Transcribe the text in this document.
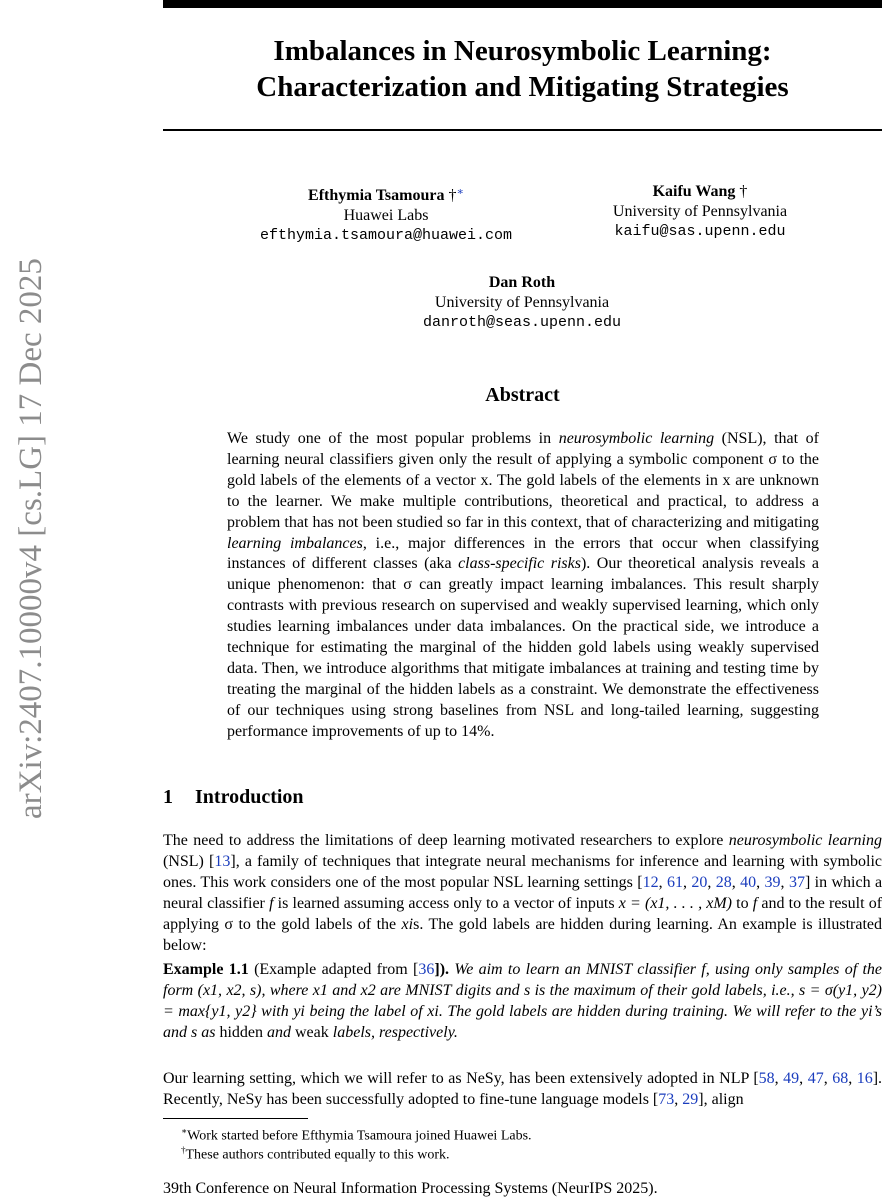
arXiv:2407.10000v4 [cs.LG] 17 Dec 2025
Imbalances in Neurosymbolic Learning:
Characterization and Mitigating Strategies
Efthymia Tsamoura †∗
Huawei Labs
efthymia.tsamoura@huawei.com
Kaifu Wang †
University of Pennsylvania
kaifu@sas.upenn.edu
Dan Roth
University of Pennsylvania
danroth@seas.upenn.edu
Abstract
We study one of the most popular problems in neurosymbolic learning (NSL), that of learning neural classifiers given only the result of applying a symbolic component σ to the gold labels of the elements of a vector x. The gold labels of the elements in x are unknown to the learner. We make multiple contributions, theoretical and practical, to address a problem that has not been studied so far in this context, that of characterizing and mitigating learning imbalances, i.e., major differences in the errors that occur when classifying instances of different classes (aka class-specific risks). Our theoretical analysis reveals a unique phenomenon: that σ can greatly impact learning imbalances. This result sharply contrasts with previous research on supervised and weakly supervised learning, which only studies learning imbalances under data imbalances. On the practical side, we introduce a technique for estimating the marginal of the hidden gold labels using weakly supervised data. Then, we introduce algorithms that mitigate imbalances at training and testing time by treating the marginal of the hidden labels as a constraint. We demonstrate the effectiveness of our techniques using strong baselines from NSL and long-tailed learning, suggesting performance improvements of up to 14%.
1 Introduction
The need to address the limitations of deep learning motivated researchers to explore neurosymbolic learning (NSL) [13], a family of techniques that integrate neural mechanisms for inference and learning with symbolic ones. This work considers one of the most popular NSL learning settings [12, 61, 20, 28, 40, 39, 37] in which a neural classifier f is learned assuming access only to a vector of inputs x = (x1, . . . , xM) to f and to the result of applying σ to the gold labels of the xis. The gold labels are hidden during learning. An example is illustrated below:
Example 1.1 (Example adapted from [36]). We aim to learn an MNIST classifier f, using only samples of the form (x1, x2, s), where x1 and x2 are MNIST digits and s is the maximum of their gold labels, i.e., s = σ(y1, y2) = max{y1, y2} with yi being the label of xi. The gold labels are hidden during training. We will refer to the yi’s and s as hidden and weak labels, respectively.
Our learning setting, which we will refer to as NeSy, has been extensively adopted in NLP [58, 49, 47, 68, 16]. Recently, NeSy has been successfully adopted to fine-tune language models [73, 29], align
∗Work started before Efthymia Tsamoura joined Huawei Labs.
†These authors contributed equally to this work.
39th Conference on Neural Information Processing Systems (NeurIPS 2025).
